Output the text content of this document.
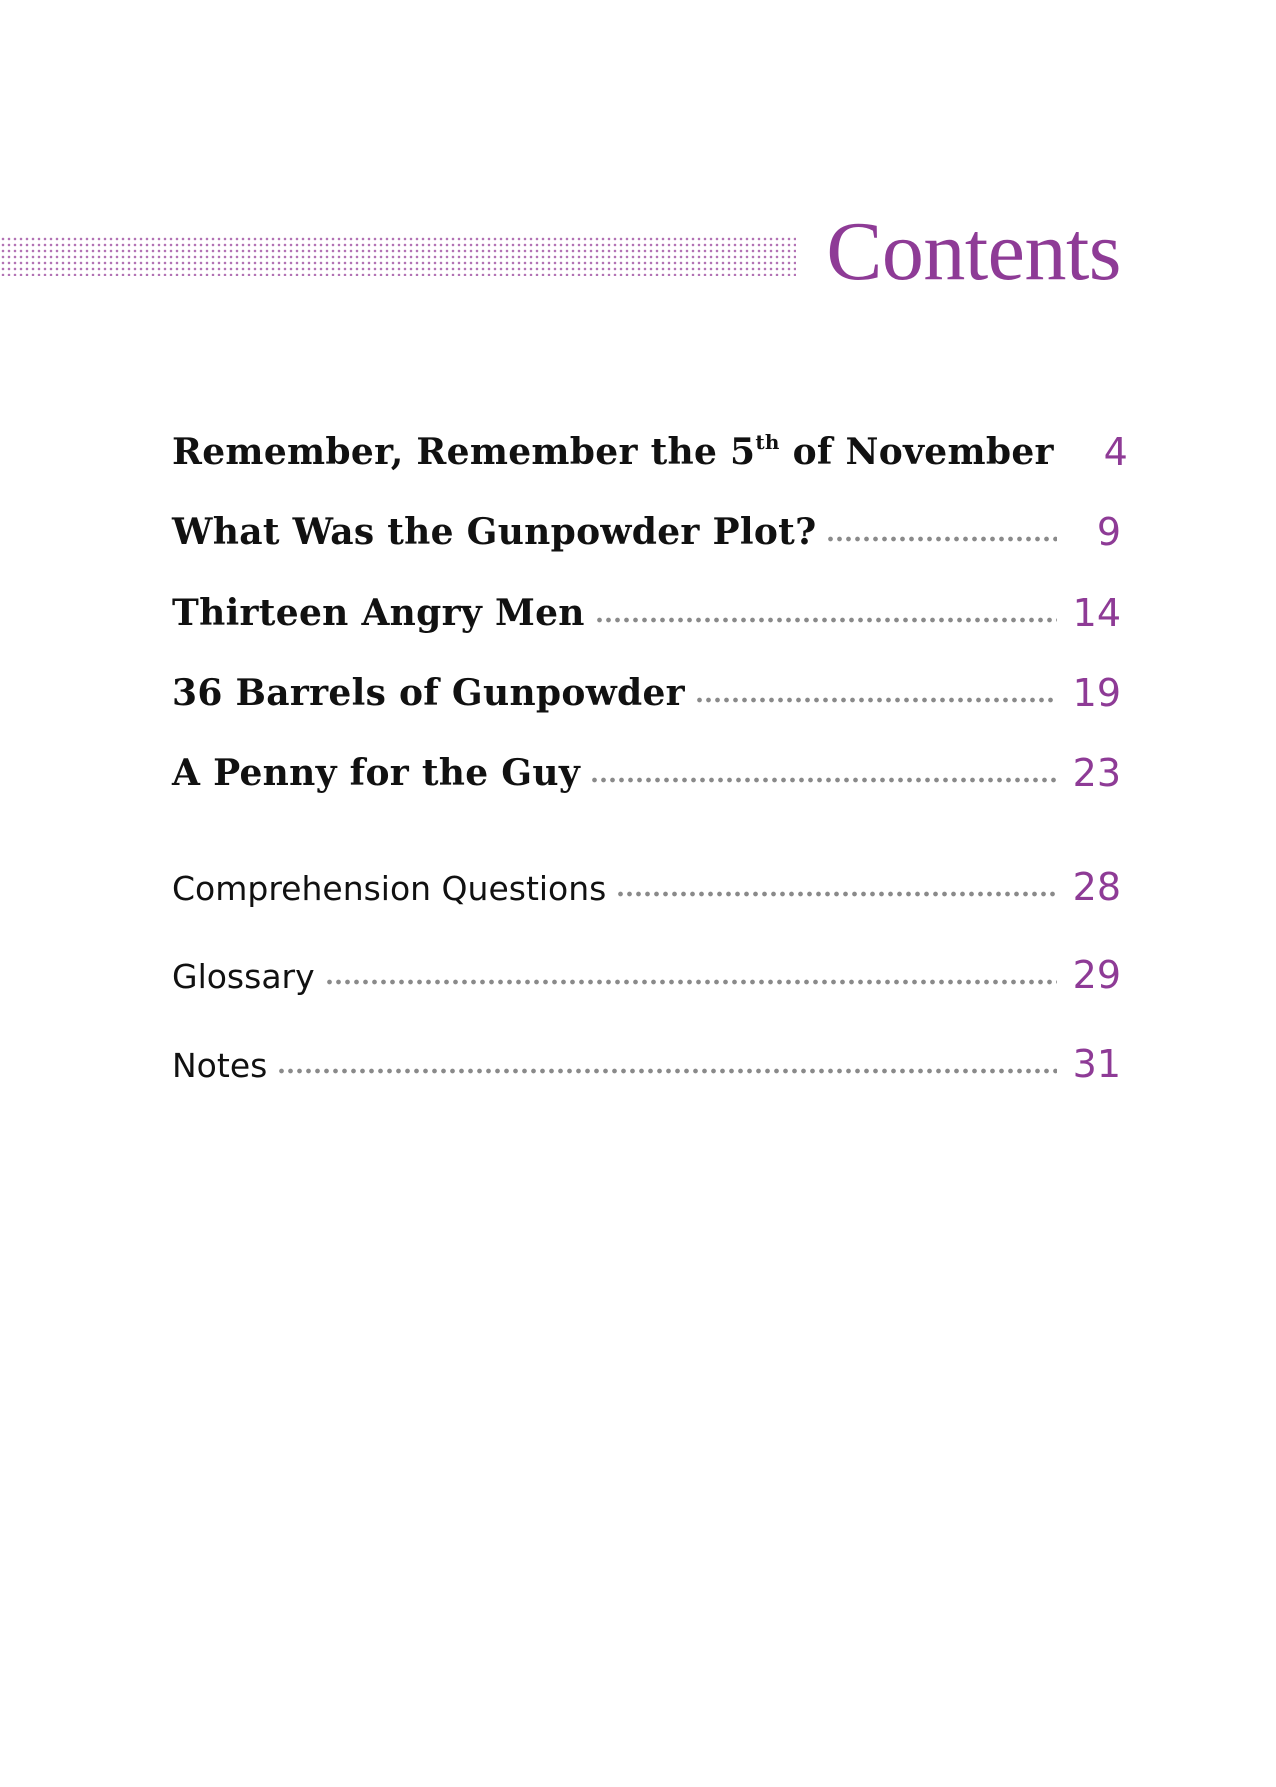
Contents
Remember, Remember the 5th of November	4
What Was the Gunpowder Plot?	9
Thirteen Angry Men	14
36 Barrels of Gunpowder	19
A Penny for the Guy	23
Comprehension Questions	28
Glossary	29
Notes	31
